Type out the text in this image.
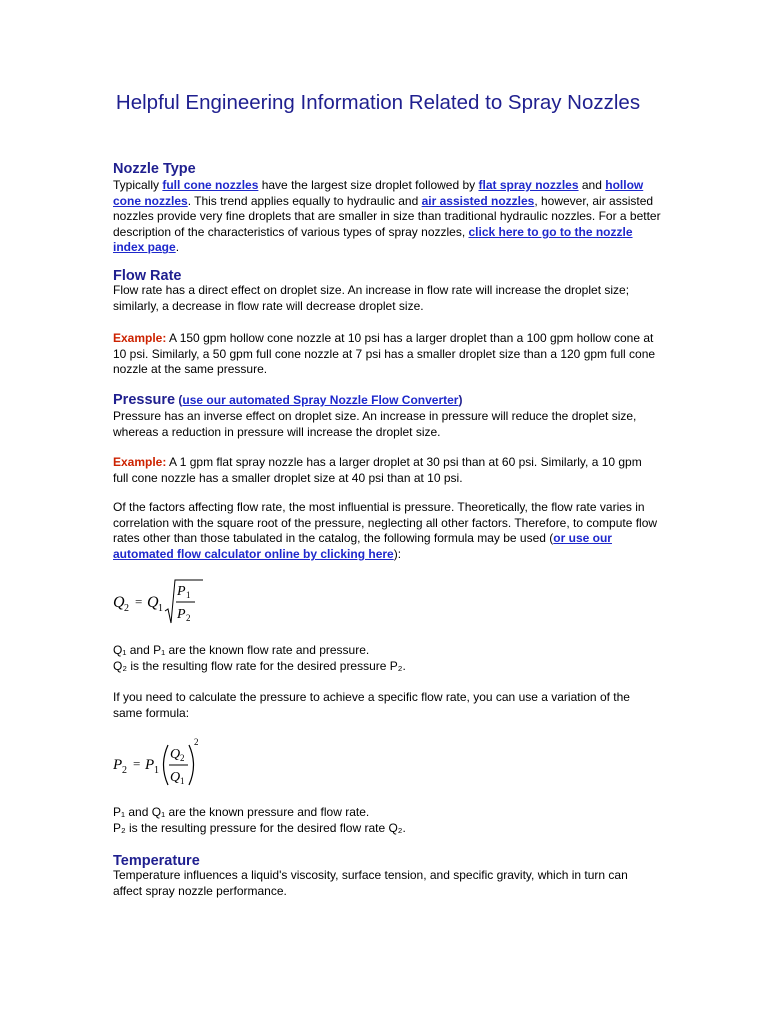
Helpful Engineering Information Related to Spray Nozzles
Nozzle Type

Typically full cone nozzles have the largest size droplet followed by flat spray nozzles and hollow cone nozzles. This trend applies equally to hydraulic and air assisted nozzles, however, air assisted nozzles provide very fine droplets that are smaller in size than traditional hydraulic nozzles. For a better description of the characteristics of various types of spray nozzles, click here to go to the nozzle index page.

Flow Rate

Flow rate has a direct effect on droplet size. An increase in flow rate will increase the droplet size; similarly, a decrease in flow rate will decrease droplet size.

Example: A 150 gpm hollow cone nozzle at 10 psi has a larger droplet than a 100 gpm hollow cone at 10 psi. Similarly, a 50 gpm full cone nozzle at 7 psi has a smaller droplet size than a 120 gpm full cone nozzle at the same pressure.

Pressure (use our automated Spray Nozzle Flow Converter)

Pressure has an inverse effect on droplet size. An increase in pressure will reduce the droplet size, whereas a reduction in pressure will increase the droplet size.

Example: A 1 gpm flat spray nozzle has a larger droplet at 30 psi than at 60 psi. Similarly, a 10 gpm full cone nozzle has a smaller droplet size at 40 psi than at 10 psi.

Of the factors affecting flow rate, the most influential is pressure. Theoretically, the flow rate varies in correlation with the square root of the pressure, neglecting all other factors. Therefore, to compute flow rates other than those tabulated in the catalog, the following formula may be used (or use our automated flow calculator online by clicking here):

Q 2 = Q 1
P 1
P 2

Q₁ and P₁ are the known flow rate and pressure.

Q₂ is the resulting flow rate for the desired pressure P₂.

If you need to calculate the pressure to achieve a specific flow rate, you can use a variation of the same formula:

P 2 = P 1
Q 2
Q 1
2

P₁ and Q₁ are the known pressure and flow rate.

P₂ is the resulting pressure for the desired flow rate Q₂.

Temperature

Temperature influences a liquid's viscosity, surface tension, and specific gravity, which in turn can affect spray nozzle performance.
